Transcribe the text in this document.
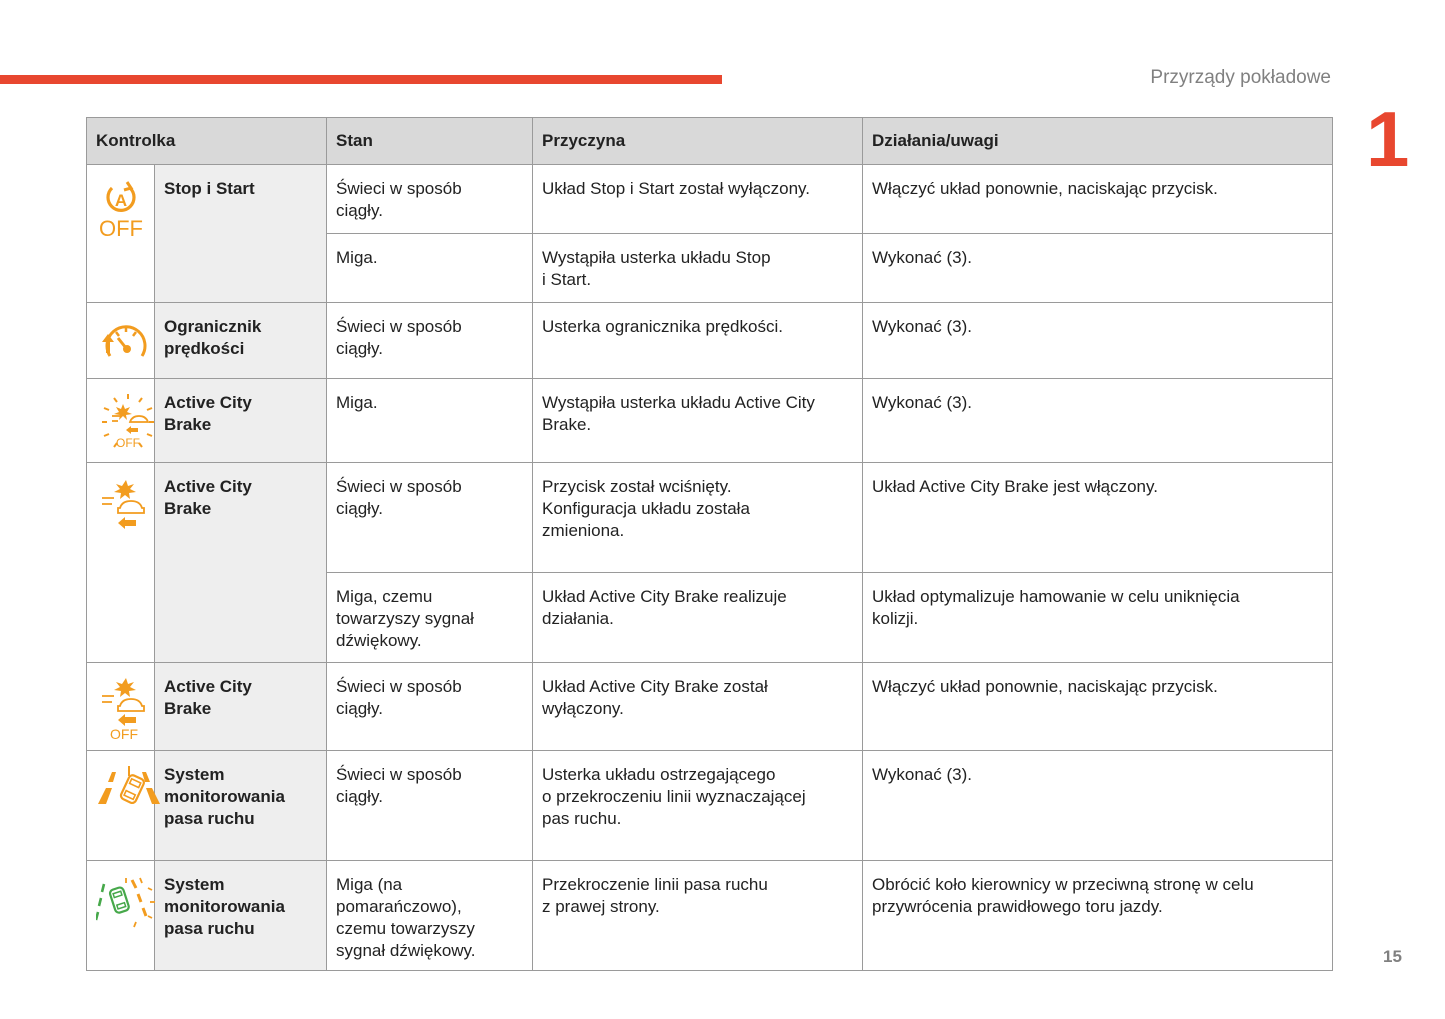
Przyrządy pokładowe
1
Kontrolka		Stan	Przyczyna	Działania/uwagi

A
OFF	Stop i Start	Świeci w sposób
ciągły.	Układ Stop i Start został wyłączony.	Włączyć układ ponownie, naciskając przycisk.
		Miga.	Wystąpiła usterka układu Stop
i Start.	Wykonać (3).

	Ogranicznik
prędkości	Świeci w sposób
ciągły.	Usterka ogranicznika prędkości.	Wykonać (3).

OFF	Active City
Brake	Miga.	Wystąpiła usterka układu Active City
Brake.	Wykonać (3).

	Active City
Brake	Świeci w sposób
ciągły.	Przycisk został wciśnięty.
Konfiguracja układu została
zmieniona.	Układ Active City Brake jest włączony.
		Miga, czemu
towarzyszy sygnał
dźwiękowy.	Układ Active City Brake realizuje
działania.	Układ optymalizuje hamowanie w celu uniknięcia
kolizji.

OFF	Active City
Brake	Świeci w sposób
ciągły.	Układ Active City Brake został
wyłączony.	Włączyć układ ponownie, naciskając przycisk.

	System
monitorowania
pasa ruchu	Świeci w sposób
ciągły.	Usterka układu ostrzegającego
o przekroczeniu linii wyznaczającej
pas ruchu.	Wykonać (3).

	System
monitorowania
pasa ruchu	Miga (na
pomarańczowo),
czemu towarzyszy
sygnał dźwiękowy.	Przekroczenie linii pasa ruchu
z prawej strony.	Obrócić koło kierownicy w przeciwną stronę w celu
przywrócenia prawidłowego toru jazdy.
15
